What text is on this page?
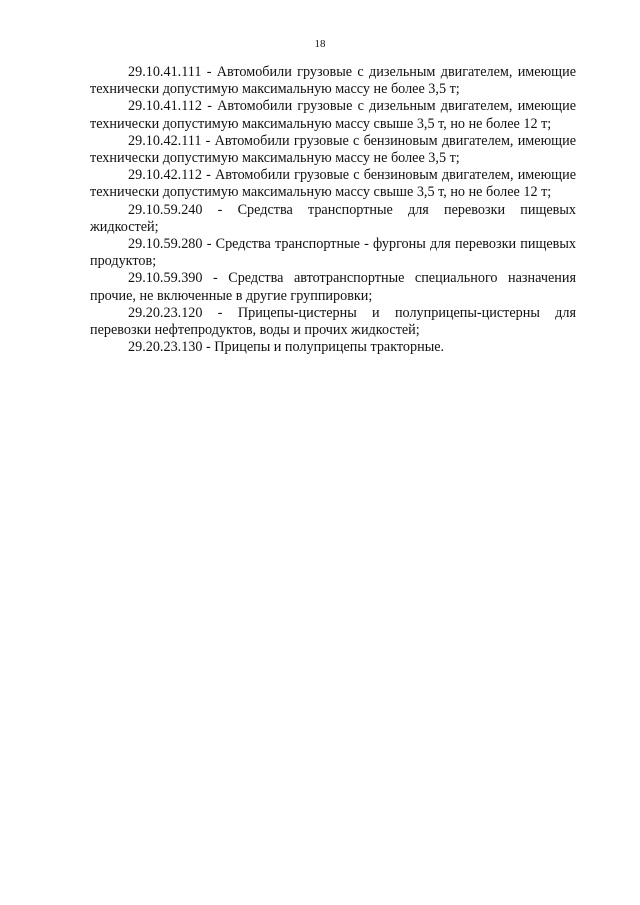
18

29.10.41.111 - Автомобили грузовые с дизельным двигателем, имеющие технически допустимую максимальную массу не более 3,5 т;

29.10.41.112 - Автомобили грузовые с дизельным двигателем, имеющие технически допустимую максимальную массу свыше 3,5 т, но не более 12 т;

29.10.42.111 - Автомобили грузовые с бензиновым двигателем, имеющие технически допустимую максимальную массу не более 3,5 т;

29.10.42.112 - Автомобили грузовые с бензиновым двигателем, имеющие технически допустимую максимальную массу свыше 3,5 т, но не более 12 т;

29.10.59.240 - Средства транспортные для перевозки пищевых жидкостей;

29.10.59.280 - Средства транспортные - фургоны для перевозки пищевых продуктов;

29.10.59.390 - Средства автотранспортные специального назначения прочие, не включенные в другие группировки;

29.20.23.120 - Прицепы-цистерны и полуприцепы-цистерны для перевозки нефтепродуктов, воды и прочих жидкостей;

29.20.23.130 - Прицепы и полуприцепы тракторные.
